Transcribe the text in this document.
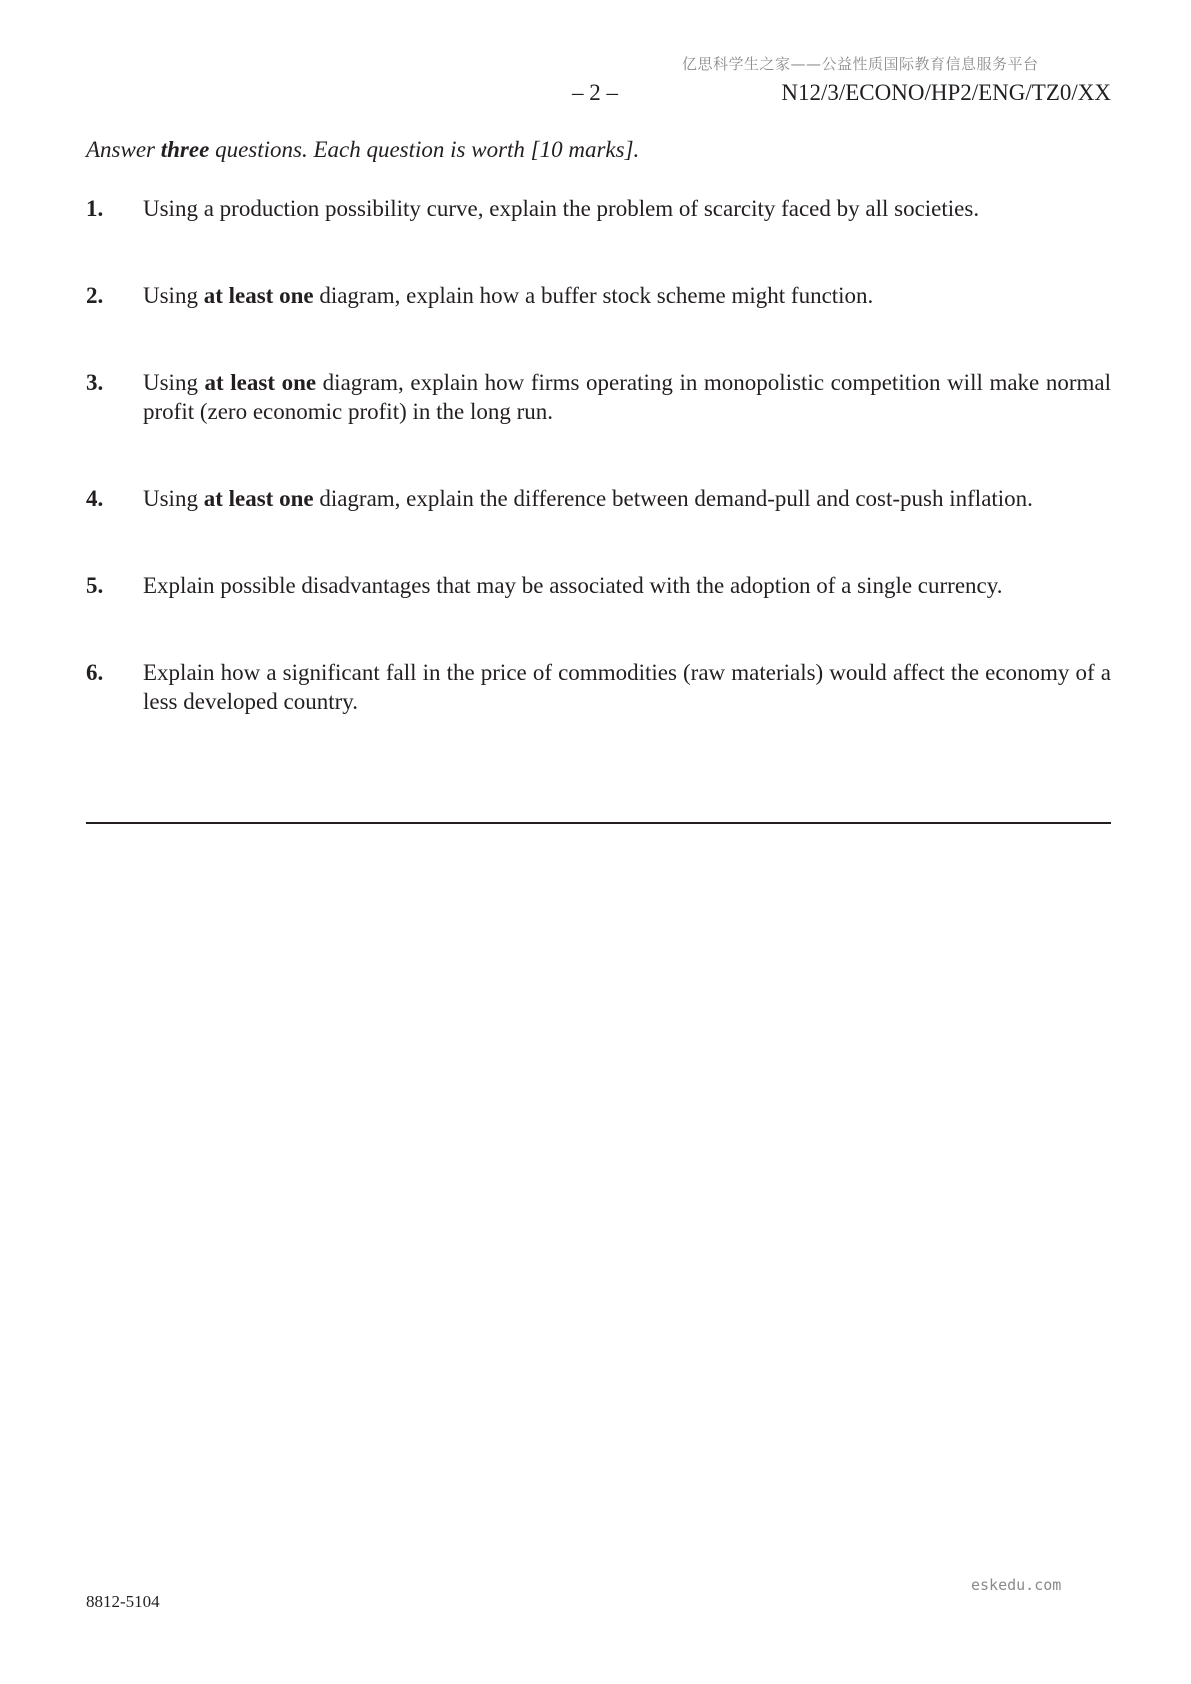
亿思科学生之家——公益性质国际教育信息服务平台
– 2 –	N12/3/ECONO/HP2/ENG/TZ0/XX
Answer three questions. Each question is worth [10 marks].
1.	Using a production possibility curve, explain the problem of scarcity faced by all societies.
2.	Using at least one diagram, explain how a buffer stock scheme might function.
3.	Using at least one diagram, explain how firms operating in monopolistic competition will make normal profit (zero economic profit) in the long run.
4.	Using at least one diagram, explain the difference between demand-pull and cost-push inflation.
5.	Explain possible disadvantages that may be associated with the adoption of a single currency.
6.	Explain how a significant fall in the price of commodities (raw materials) would affect the economy of a less developed country.
eskedu.com
8812-5104
